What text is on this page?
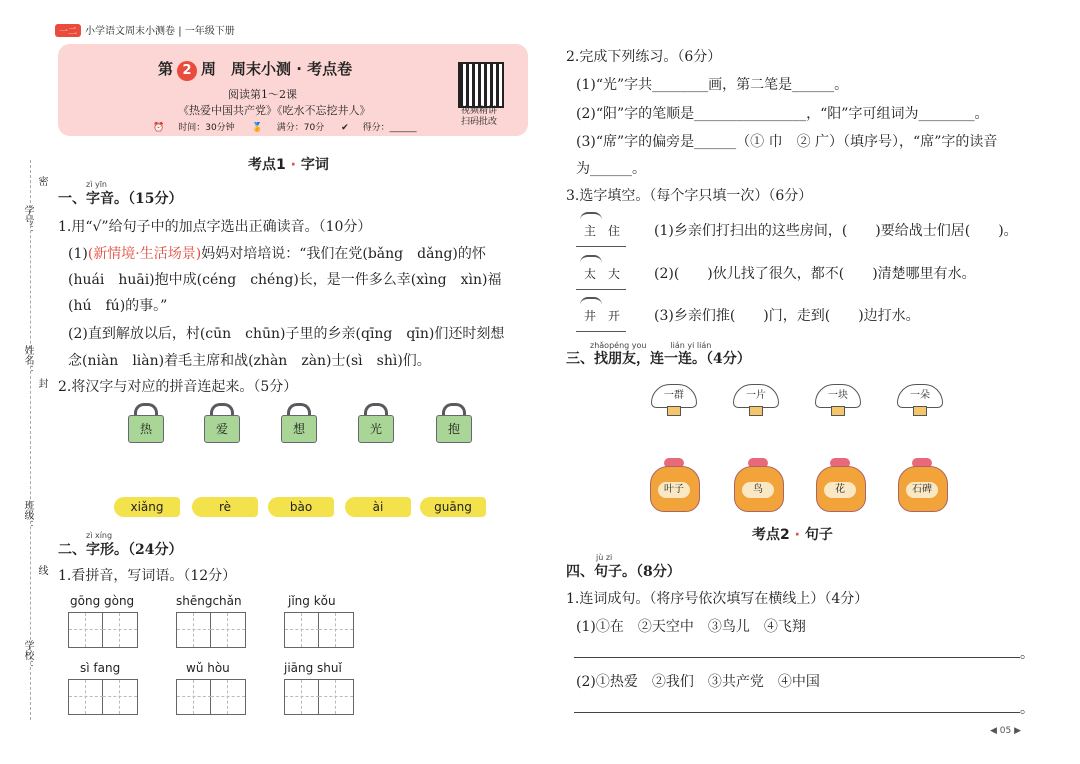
一二 小学语文周末小测卷 | 一年级下册
第 2 周　周末小测 · 考点卷
阅读第1～2课
《热爱中国共产党》《吃水不忘挖井人》
⏰ 时间：30分钟 🏅 满分：70分 ✔ 得分：______
视频精讲
扫码批改
学号：
姓名：
班级：
学校：
密
封
线
考点1 · 字词
zì yīn
一、字音。（15分）
1.用“√”给句子中的加点字选出正确读音。（10分）
(1)(新情境·生活场景)妈妈对培培说：“我们在党(bǎng　dǎng)的怀
(huái　huāi)抱中成(céng　chéng)长，是一件多么幸(xìng　xìn)福
(hú　fú)的事。”
(2)直到解放以后，村(cūn　chūn)子里的乡亲(qīng　qīn)们还时刻想
念(niàn　liàn)着毛主席和战(zhàn　zàn)士(sì　shì)们。
2.将汉字与对应的拼音连起来。（5分）
热	爱	想	光	抱
xiǎng	rè	bào	ài	guāng
zì xíng
二、字形。（24分）
1.看拼音，写词语。（12分）
gōng gòng	shēngchǎn	jǐng kǒu
sì fang	wǔ hòu	jiāng shuǐ
2.完成下列练习。（6分）
(1)“光”字共________画，第二笔是______。
(2)“阳”字的笔顺是________________，“阳”字可组词为________。
(3)“席”字的偏旁是______（① 巾　② 广）（填序号），“席”字的读音
为______。
3.选字填空。（每个字只填一次）（6分）
主　住
太　大
井　开
(1)乡亲们打扫出的这些房间，(　　)要给战士们居(　　)。
(2)(　　)伙儿找了很久，都不(　　)清楚哪里有水。
(3)乡亲们推(　　)门，走到(　　)边打水。
zhǎopéng you　　　lián yi lián
三、找朋友，连一连。（4分）
一群	一片	一块	一朵
叶子	鸟	花	石碑
考点2 · 句子
jù zi
四、句子。（8分）
1.连词成句。（将序号依次填写在横线上）（4分）
(1)①在　②天空中　③鸟儿　④飞翔
。
(2)①热爱　②我们　③共产党　④中国
。
◀ 05 ▶
